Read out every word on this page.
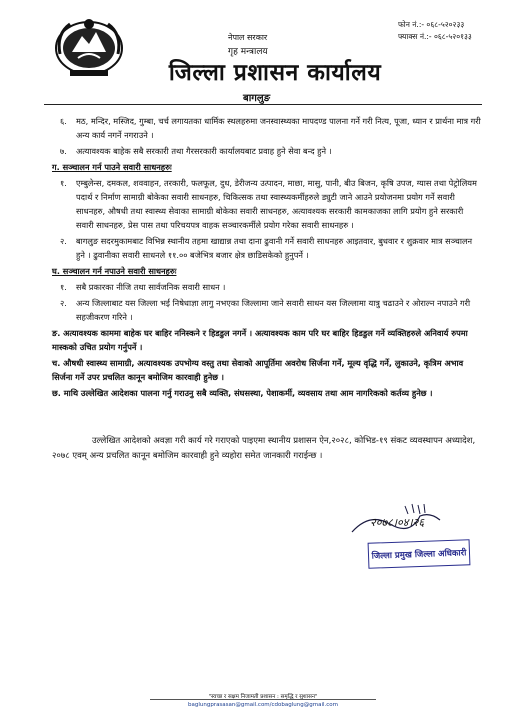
नेपाल सरकार
गृह मन्त्रालय
जिल्ला प्रशासन कार्यालय
बागलुङ
फोन नं.:- ०६८-५२०२३३
फ्याक्स नं.:- ०६८-५२०१३३
६. मठ, मन्दिर, मस्जिद, गुम्बा, चर्च लगायतका धार्मिक स्थलहरुमा जनस्वास्थ्यका मापदण्ड पालना गर्ने गरी नित्य, पूजा, ध्यान र प्रार्थना मात्र गरी अन्य कार्य नगर्ने नगराउने ।
७. अत्यावश्यक बाहेक सबै सरकारी तथा गैरसरकारी कार्यालयबाट प्रवाह हुने सेवा बन्द हुने ।
ग. सञ्चालन गर्न पाउने सवारी साधनहरुः
१. एम्बुलेन्स, दमकल, शववाहन, तरकारी, फलफूल, दुध, डेरीजन्य उत्पादन, माछा, मासु, पानी, बीउ बिजन, कृषि उपज, ग्यास तथा पेट्रोलियम पदार्थ र निर्माण सामाग्री बोकेका सवारी साधनहरु, चिकित्सक तथा स्वास्थ्यकर्मीहरुले ड्युटी जाने आउने प्रयोजनमा प्रयोग गर्ने सवारी साधनहरु, औषधी तथा स्वास्थ्य सेवाका सामाग्री बोकेका सवारी साधनहरु, अत्यावश्यक सरकारी कामकाजका लागि प्रयोग हुने सरकारी सवारी साधनहरु, प्रेस पास तथा परिचयपत्र वाहक सञ्चारकर्मीले प्रयोग गरेका सवारी साधनहरु ।
२. बागलुङ सदरमुकामबाट विभिन्न स्थानीय तहमा खाद्यान्न तथा दाना ढुवानी गर्ने सवारी साधनहरु आइतवार, बुधवार र शुक्रवार मात्र सञ्चालन हुने । ढुवानीका सवारी साधनले ११.०० बजेभित्र बजार क्षेत्र छाडिसकेको हुनुपर्ने ।
घ. सञ्चालन गर्न नपाउने सवारी साधनहरुः
१. सबै प्रकारका नीजि तथा सार्वजनिक सवारी साधन ।
२. अन्य जिल्लाबाट यस जिल्ला भई निषेधाज्ञा लागु नभएका जिल्लामा जाने सवारी साधन यस जिल्लामा यात्रु चढाउने र ओराल्न नपाउने गरी सहजीकरण गरिने ।
ङ. अत्यावश्यक काममा बाहेक घर बाहिर ननिस्कने र हिडडुल नगर्ने । अत्यावश्यक काम परि घर बाहिर हिडडुल गर्ने व्यक्तिहरुले अनिवार्य रुपमा मास्कको उचित प्रयोग गर्नुपर्ने ।
च. औषधी स्वास्थ्य सामाग्री, अत्यावश्यक उपभोग्य वस्तु तथा सेवाको आपूर्तिमा अवरोध सिर्जना गर्ने, मूल्य वृद्धि गर्ने, लुकाउने, कृत्रिम अभाव सिर्जना गर्ने उपर प्रचलित कानून बमोजिम कारवाही हुनेछ ।
छ. माथि उल्लेखित आदेशका पालना गर्नु गराउनु सबै व्यक्ति, संघसस्था, पेशाकर्मी, व्यवसाय तथा आम नागरिकको कर्तव्य हुनेछ ।
उल्लेखित आदेशको अवज्ञा गरी कार्य गरे गराएको पाइएमा स्थानीय प्रशासन ऐन,२०२८, कोभिड-१९ संकट व्यवस्थापन अध्यादेश, २०७८ एवम् अन्य प्रचलित कानून बमोजिम कारवाही हुने व्यहोरा समेत जानकारी गराईन्छ ।
२०७८।०४।२६
जिल्ला प्रमुख जिल्ला अधिकारी
"स्वच्छ र सक्षम निजामती प्रशासन : समृद्धि र सुशासन"
baglungprasasan@gmail.com/cdobaglung@gmail.com
